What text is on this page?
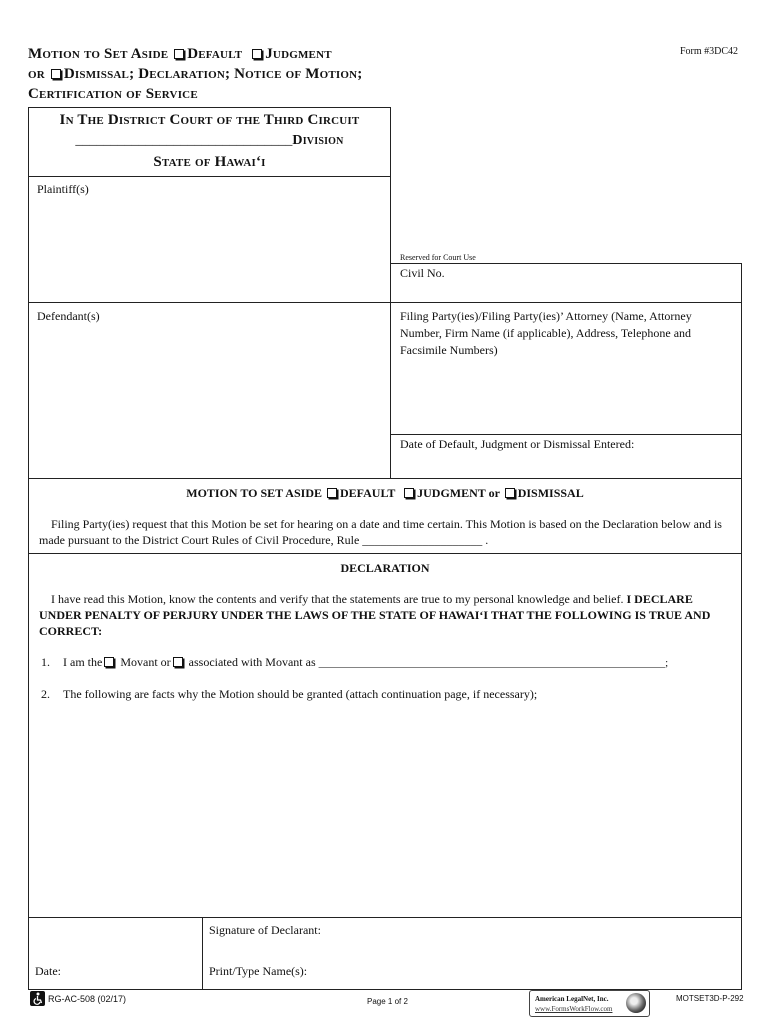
Motion to Set Aside Default Judgment
or Dismissal; Declaration; Notice of Motion;
Certification of Service
Form #3DC42
In The District Court of the Third Circuit
_______________________________Division
State of Hawai‘i
Plaintiff(s)
Defendant(s)
Reserved for Court Use
Civil No.
Filing Party(ies)/Filing Party(ies)’ Attorney (Name, Attorney Number, Firm Name (if applicable), Address, Telephone and Facsimile Numbers)
Date of Default, Judgment or Dismissal Entered:
MOTION TO SET ASIDE DEFAULT JUDGMENT or DISMISSAL
Filing Party(ies) request that this Motion be set for hearing on a date and time certain. This Motion is based on the Declaration below and is made pursuant to the District Court Rules of Civil Procedure, Rule ____________________ .
DECLARATION
I have read this Motion, know the contents and verify that the statements are true to my personal knowledge and belief. I DECLARE UNDER PENALTY OF PERJURY UNDER THE LAWS OF THE STATE OF HAWAI‘I THAT THE FOLLOWING IS TRUE AND CORRECT:
1. I am the Movant or associated with Movant as _______________________________________________________________;
2. The following are facts why the Motion should be granted (attach continuation page, if necessary);
Date:
Signature of Declarant:
Print/Type Name(s):
RG-AC-508 (02/17)	Page 1 of 2	American LegalNet, Inc.
www.FormsWorkFlow.com
MOTSET3D-P-292
